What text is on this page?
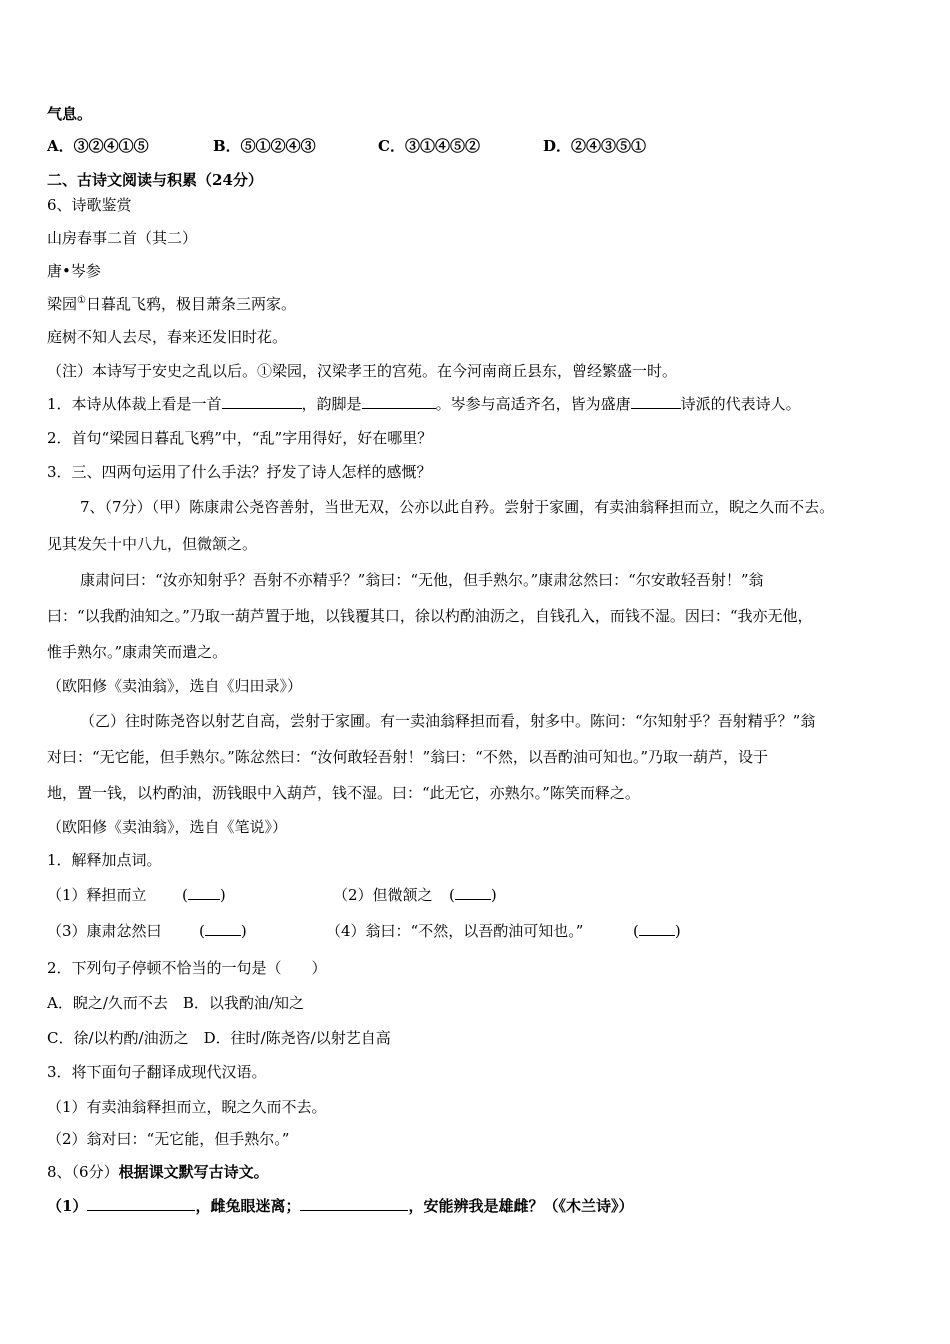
气息。
A．③②④①⑤	B．⑤①②④③	C．③①④⑤②	D．②④③⑤①
二、古诗文阅读与积累（24分）
6、诗歌鉴赏
山房春事二首（其二）
唐•岑参
梁园①日暮乱飞鸦，极目萧条三两家。
庭树不知人去尽，春来还发旧时花。
（注）本诗写于安史之乱以后。①梁园，汉梁孝王的宫苑。在今河南商丘县东，曾经繁盛一时。
1．本诗从体裁上看是一首	，韵脚是	。岑参与高适齐名，皆为盛唐	诗派的代表诗人。
2．首句“梁园日暮乱飞鸦”中，“乱”字用得好，好在哪里？
3．三、四两句运用了什么手法？抒发了诗人怎样的感慨？
7、（7分）（甲）陈康肃公尧咨善射，当世无双，公亦以此自矜。尝射于家圃，有卖油翁释担而立，睨之久而不去。
见其发矢十中八九，但微颔之。
康肃问曰：“汝亦知射乎？吾射不亦精乎？”翁曰：“无他，但手熟尔。”康肃忿然曰：“尔安敢轻吾射！”翁
曰：“以我酌油知之。”乃取一葫芦置于地，以钱覆其口，徐以杓酌油沥之，自钱孔入，而钱不湿。因曰：“我亦无他，
惟手熟尔。”康肃笑而遣之。
（欧阳修《卖油翁》，选自《归田录》）
（乙）往时陈尧咨以射艺自高，尝射于家圃。有一卖油翁释担而看，射多中。陈问：“尔知射乎？吾射精乎？”翁
对曰：“无它能，但手熟尔。”陈忿然曰：“汝何敢轻吾射！”翁曰：“不然，以吾酌油可知也。”乃取一葫芦，设于
地，置一钱，以杓酌油，沥钱眼中入葫芦，钱不湿。曰：“此无它，亦熟尔。”陈笑而释之。
（欧阳修《卖油翁》，选自《笔说》）
1．解释加点词。
（1）释担而立 ( )	（2）但微颔之 ( )
（3）康肃忿然曰 ( )	（4）翁曰：“不然，以吾酌油可知也。”	( )
2．下列句子停顿不恰当的一句是（　　）
A．睨之/久而不去　B．以我酌油/知之
C．徐/以杓酌/油沥之　D．往时/陈尧咨/以射艺自高
3．将下面句子翻译成现代汉语。
（1）有卖油翁释担而立，睨之久而不去。
（2）翁对曰：“无它能，但手熟尔。”
8、（6分）根据课文默写古诗文。
（1）	，雌兔眼迷离；	，安能辨我是雄雌？（《木兰诗》）
